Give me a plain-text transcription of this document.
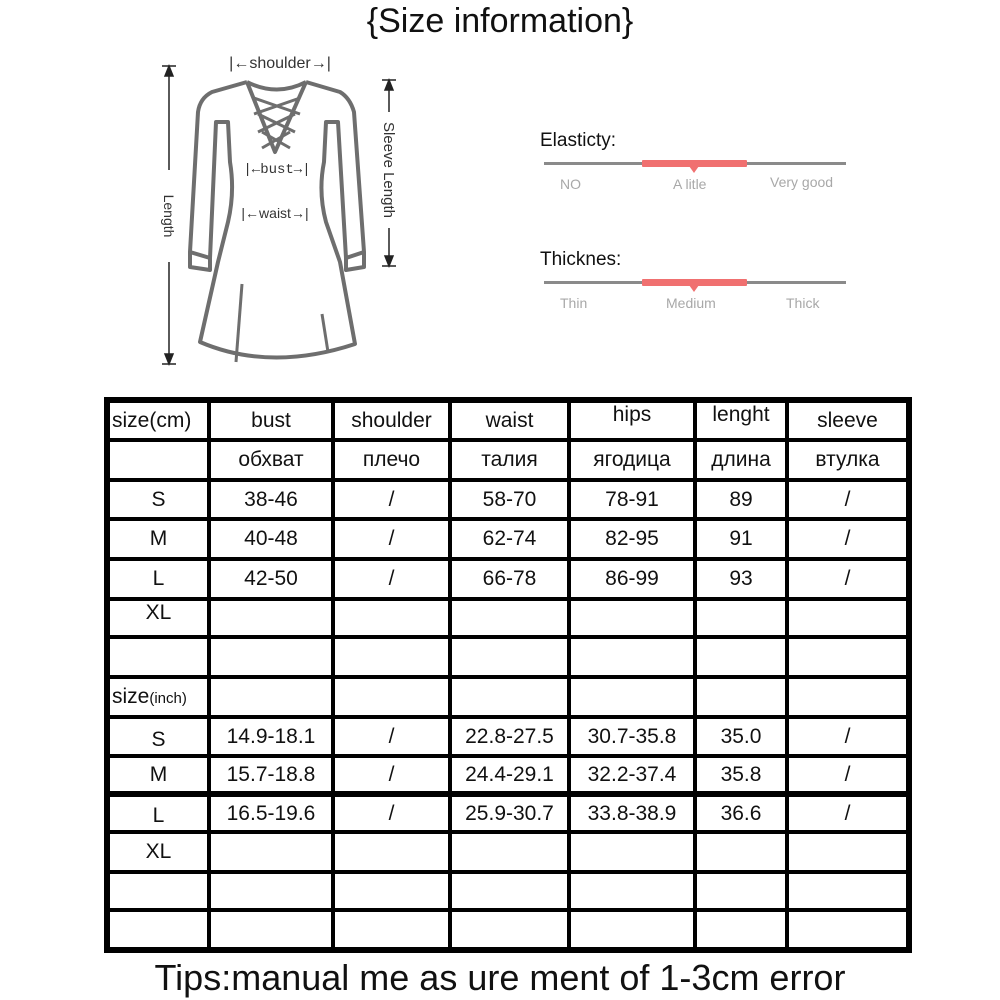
{Size information}
|←shoulder→|
|←bust→|
|←waist→|
Length	Sleeve Length	Elasticty:
NO	A litle	Very good
Thicknes:
Thin	Medium	Thick
size(cm)	bust	shoulder	waist	hips	lenght	sleeve
	обхват	плечо	талия	ягодица	длина	втулка
S	38-46	/	58-70	78-91	89	/
M	40-48	/	62-74	82-95	91	/
L	42-50	/	66-78	86-99	93	/
XL						

size(inch)						
S	14.9-18.1	/	22.8-27.5	30.7-35.8	35.0	/
M	15.7-18.8	/	24.4-29.1	32.2-37.4	35.8	/
L	16.5-19.6	/	25.9-30.7	33.8-38.9	36.6	/
XL						

Tips:manual me as ure ment of 1-3cm error
